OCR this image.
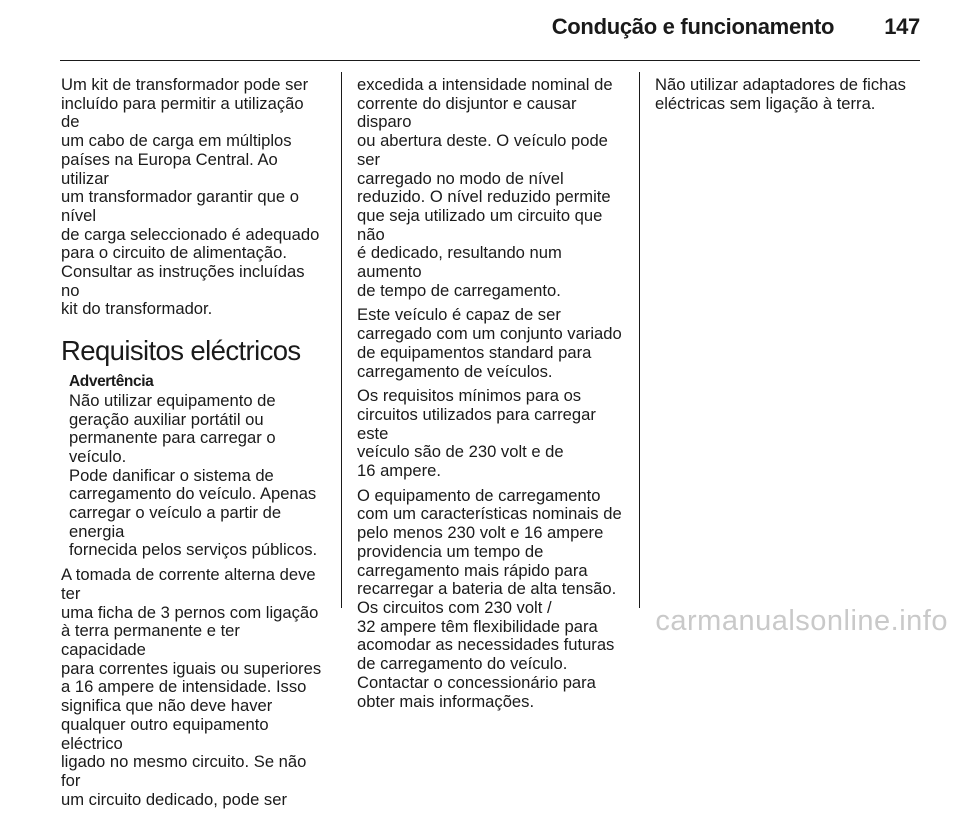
Condução e funcionamento 147

Um kit de transformador pode ser
incluído para permitir a utilização de
um cabo de carga em múltiplos
países na Europa Central. Ao utilizar
um transformador garantir que o nível
de carga seleccionado é adequado
para o circuito de alimentação.
Consultar as instruções incluídas no
kit do transformador.

Requisitos eléctricos
Advertência
Não utilizar equipamento de
geração auxiliar portátil ou
permanente para carregar o veículo.
Pode danificar o sistema de
carregamento do veículo. Apenas
carregar o veículo a partir de energia
fornecida pelos serviços públicos.

A tomada de corrente alterna deve ter
uma ficha de 3 pernos com ligação
à terra permanente e ter capacidade
para correntes iguais ou superiores
a 16 ampere de intensidade. Isso
significa que não deve haver
qualquer outro equipamento eléctrico
ligado no mesmo circuito. Se não for
um circuito dedicado, pode ser

excedida a intensidade nominal de
corrente do disjuntor e causar disparo
ou abertura deste. O veículo pode ser
carregado no modo de nível
reduzido. O nível reduzido permite
que seja utilizado um circuito que não
é dedicado, resultando num aumento
de tempo de carregamento.

Este veículo é capaz de ser
carregado com um conjunto variado
de equipamentos standard para
carregamento de veículos.

Os requisitos mínimos para os
circuitos utilizados para carregar este
veículo são de 230 volt e de
16 ampere.

O equipamento de carregamento
com um características nominais de
pelo menos 230 volt e 16 ampere
providencia um tempo de
carregamento mais rápido para
recarregar a bateria de alta tensão.
Os circuitos com 230 volt /
32 ampere têm flexibilidade para
acomodar as necessidades futuras
de carregamento do veículo.
Contactar o concessionário para
obter mais informações.

Não utilizar adaptadores de fichas
eléctricas sem ligação à terra.

carmanualsonline.info
